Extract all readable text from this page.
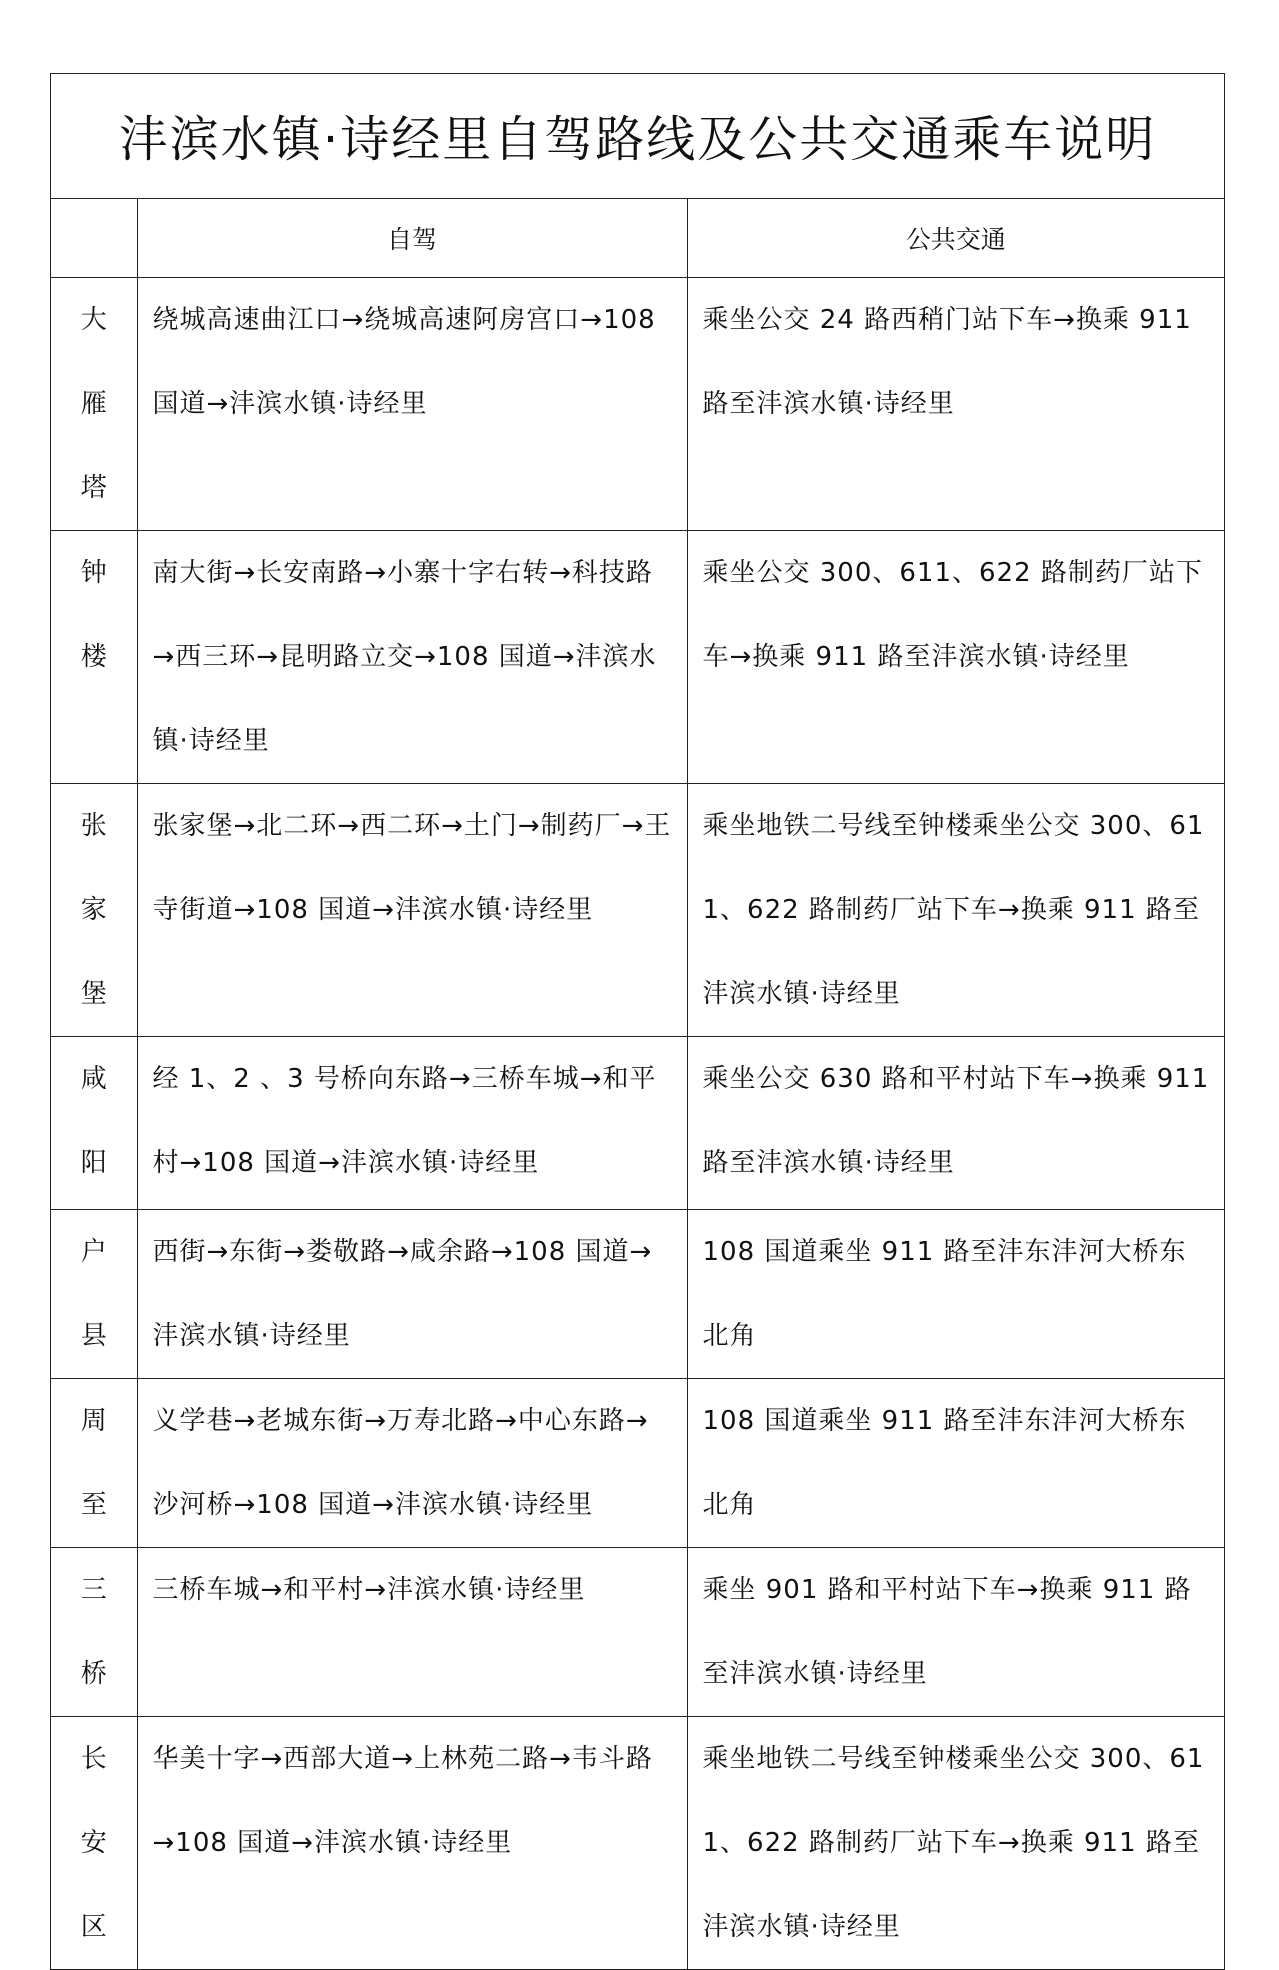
沣滨水镇·诗经里自驾路线及公共交通乘车说明
	自驾	公共交通

大
雁
塔	绕城高速曲江口→绕城高速阿房宫口→108 国道→沣滨水镇·诗经里	乘坐公交 24 路西稍门站下车→换乘 911 路至沣滨水镇·诗经里

钟
楼	南大街→长安南路→小寨十字右转→科技路→西三环→昆明路立交→108 国道→沣滨水镇·诗经里	乘坐公交 300、611、622 路制药厂站下车→换乘 911 路至沣滨水镇·诗经里

张
家
堡	张家堡→北二环→西二环→土门→制药厂→王寺街道→108 国道→沣滨水镇·诗经里	乘坐地铁二号线至钟楼乘坐公交 300、611、622 路制药厂站下车→换乘 911 路至沣滨水镇·诗经里

咸
阳	经 1、2 、3 号桥向东路→三桥车城→和平村→108 国道→沣滨水镇·诗经里	乘坐公交 630 路和平村站下车→换乘 911 路至沣滨水镇·诗经里

户
县	西街→东街→娄敬路→咸余路→108 国道→沣滨水镇·诗经里	108 国道乘坐 911 路至沣东沣河大桥东北角

周
至	义学巷→老城东街→万寿北路→中心东路→沙河桥→108 国道→沣滨水镇·诗经里	108 国道乘坐 911 路至沣东沣河大桥东北角

三
桥	三桥车城→和平村→沣滨水镇·诗经里	乘坐 901 路和平村站下车→换乘 911 路至沣滨水镇·诗经里

长
安
区	华美十字→西部大道→上林苑二路→韦斗路→108 国道→沣滨水镇·诗经里	乘坐地铁二号线至钟楼乘坐公交 300、611、622 路制药厂站下车→换乘 911 路至沣滨水镇·诗经里
